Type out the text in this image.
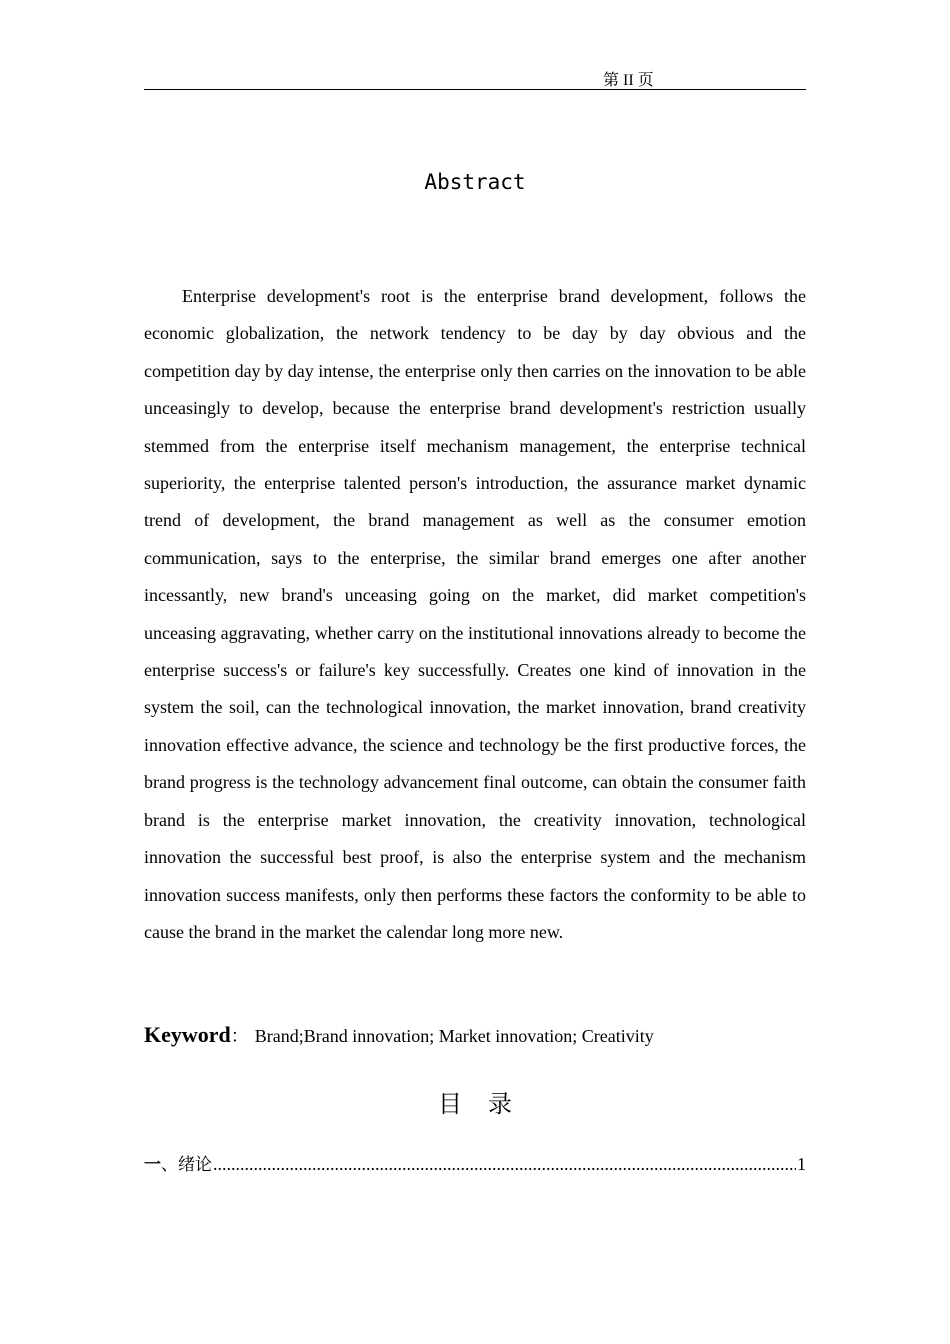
第 II 页
Abstract

Enterprise development's root is the enterprise brand development, follows the economic globalization, the network tendency to be day by day obvious and the competition day by day intense, the enterprise only then carries on the innovation to be able unceasingly to develop, because the enterprise brand development's restriction usually stemmed from the enterprise itself mechanism management, the enterprise technical superiority, the enterprise talented person's introduction, the assurance market dynamic trend of development, the brand management as well as the consumer emotion communication, says to the enterprise, the similar brand emerges one after another incessantly, new brand's unceasing going on the market, did market competition's unceasing aggravating, whether carry on the institutional innovations already to become the enterprise success's or failure's key successfully. Creates one kind of innovation in the system the soil, can the technological innovation, the market innovation, brand creativity innovation effective advance, the science and technology be the first productive forces, the brand progress is the technology advancement final outcome, can obtain the consumer faith brand is the enterprise market innovation, the creativity innovation, technological innovation the successful best proof, is also the enterprise system and the mechanism innovation success manifests, only then performs these factors the conformity to be able to cause the brand in the market the calendar long more new.

Keyword： Brand;Brand innovation; Market innovation; Creativity
目录
一、绪论
.....	1
